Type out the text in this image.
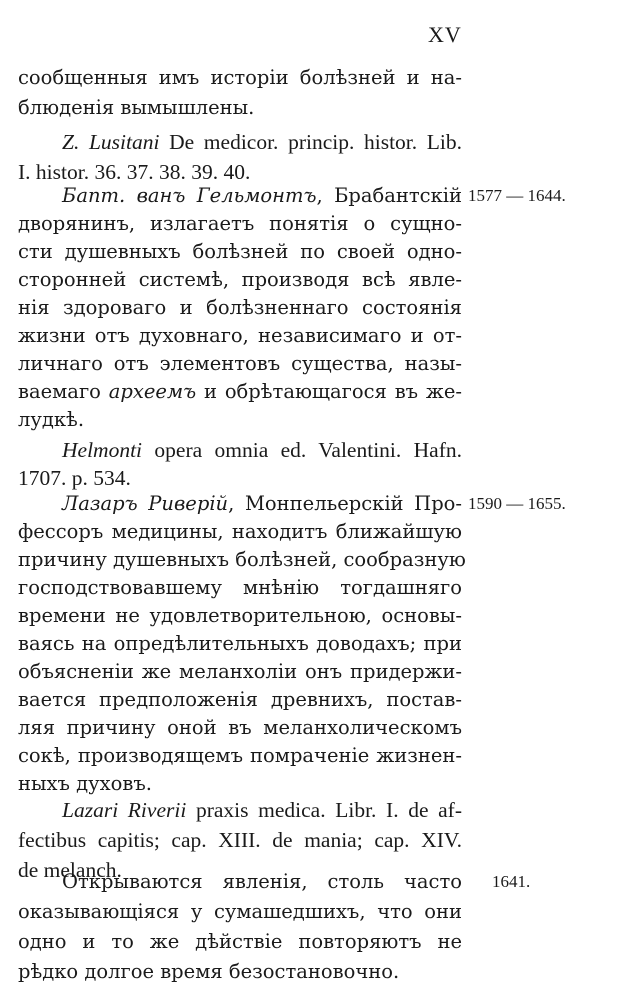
XV
сообщенныя имъ исторіи болѣзней и на-
блюденія вымышлены.
Z. Lusitani De medicor. princip. histor. Lib.
I. histor. 36. 37. 38. 39. 40.
Бапт. ванъ Гельмонтъ, Брабантскій 1577 — 1644.
дворянинъ, излагаетъ понятія о сущно-
сти душевныхъ болѣзней по своей одно-
сторонней системѣ, производя всѣ явле-
нія здороваго и болѣзненнаго состоянія
жизни отъ духовнаго, независимаго и от-
личнаго отъ элементовъ существа, назы-
ваемаго археемъ и обрѣтающагося въ же-
лудкѣ.
Helmonti opera omnia ed. Valentini. Hafn.
1707. p. 534.
Лазаръ Риверій, Монпельерскій Про- 1590 — 1655.
фессоръ медицины, находитъ ближайшую
причину душевныхъ болѣзней, сообразную
господствовавшему мнѣнію тогдашняго
времени не удовлетворительною, основы-
ваясь на опредѣлительныхъ доводахъ; при
объясненіи же меланхоліи онъ придержи-
вается предположенія древнихъ, постав-
ляя причину оной въ меланхолическомъ
сокѣ, производящемъ помраченіе жизнен-
ныхъ духовъ.
Lazari Riverii praxis medica. Libr. I. de af-
fectibus capitis; cap. XIII. de mania; cap. XIV.
de melanch.
Открываются явленія, столь часто
оказывающіяся у сумашедшихъ, что они
одно и то же дѣйствіе повторяютъ не
рѣдко долгое время безостановочно.
1641.
